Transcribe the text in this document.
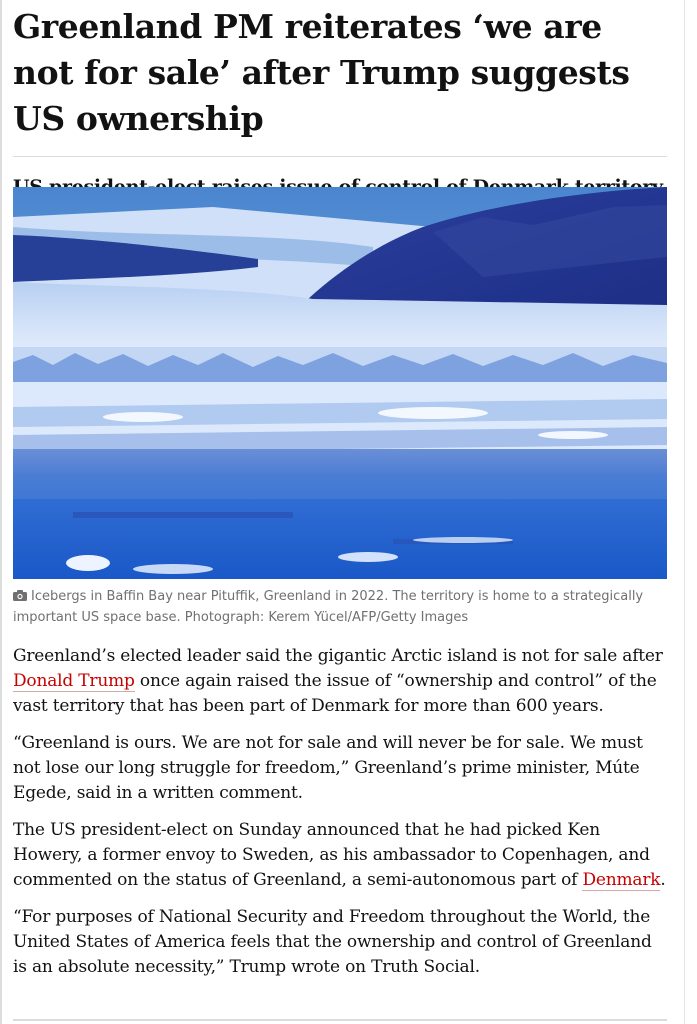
Greenland PM reiterates ‘we are not for sale’ after Trump suggests US ownership

Icebergs in Baffin Bay near Pituffik, Greenland in 2022. The territory is home to a strategically important US space base. Photograph: Kerem Yücel/AFP/Getty Images

Greenland’s elected leader said the gigantic Arctic island is not for sale after Donald Trump once again raised the issue of “ownership and control” of the vast territory that has been part of Denmark for more than 600 years.

“Greenland is ours. We are not for sale and will never be for sale. We must not lose our long struggle for freedom,” Greenland’s prime minister, Múte Egede, said in a written comment.

The US president-elect on Sunday announced that he had picked Ken Howery, a former envoy to Sweden, as his ambassador to Copenhagen, and commented on the status of Greenland, a semi-autonomous part of Denmark.

“For purposes of National Security and Freedom throughout the World, the United States of America feels that the ownership and control of Greenland is an absolute necessity,” Trump wrote on Truth Social.
